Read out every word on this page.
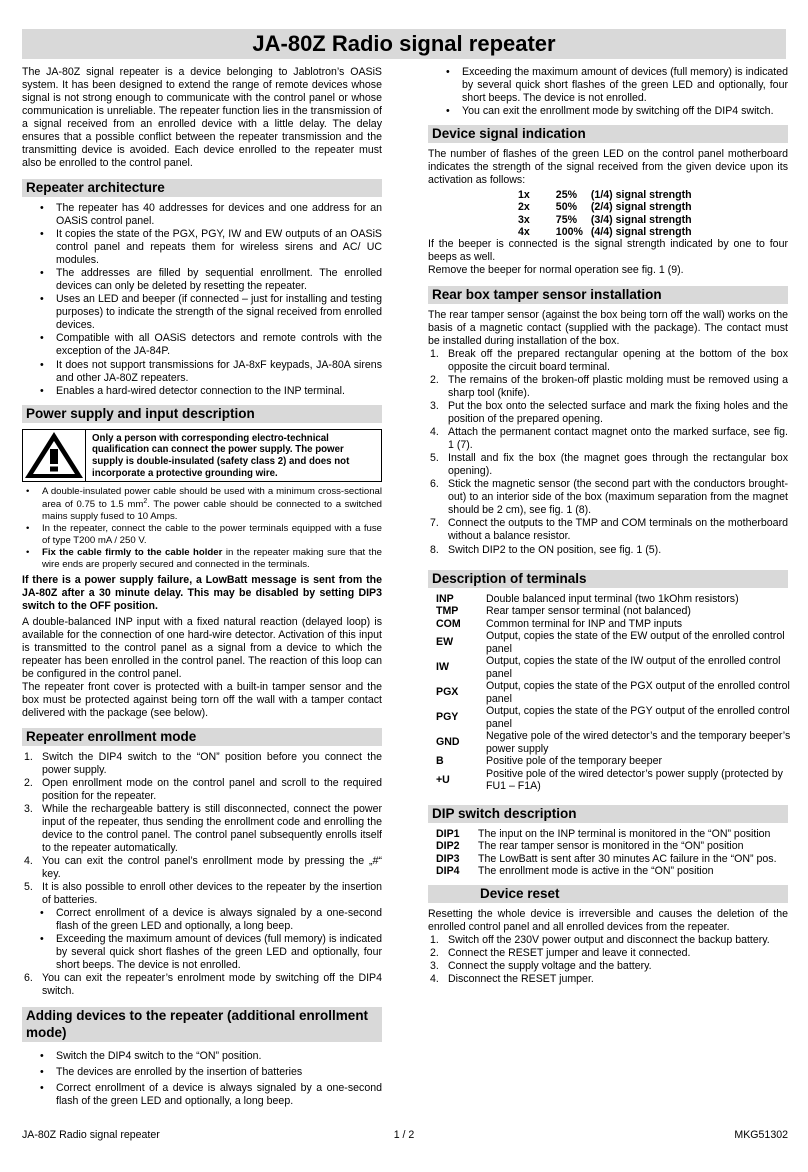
JA-80Z Radio signal repeater

The JA-80Z signal repeater is a device belonging to Jablotron’s OASiS system. It has been designed to extend the range of remote devices whose signal is not strong enough to communicate with the control panel or whose communication is unreliable. The repeater function lies in the transmission of a signal received from an enrolled device with a little delay. The delay ensures that a possible conflict between the repeater transmission and the transmitting device is avoided. Each device enrolled to the repeater must also be enrolled to the control panel.

Repeater architecture
• The repeater has 40 addresses for devices and one address for an OASiS control panel.
• It copies the state of the PGX, PGY, IW and EW outputs of an OASiS control panel and repeats them for wireless sirens and AC/ UC modules.
• The addresses are filled by sequential enrollment. The enrolled devices can only be deleted by resetting the repeater.
• Uses an LED and beeper (if connected – just for installing and testing purposes) to indicate the strength of the signal received from enrolled devices.
• Compatible with all OASiS detectors and remote controls with the exception of the JA-84P.
• It does not support transmissions for JA-8xF keypads, JA-80A sirens and other JA-80Z repeaters.
• Enables a hard-wired detector connection to the INP terminal.
Power supply and input description
Only a person with corresponding electro-technical qualification can connect the power supply. The power supply is double-insulated (safety class 2) and does not incorporate a protective grounding wire.
• A double-insulated power cable should be used with a minimum cross-sectional area of 0.75 to 1.5 $mm^2$. The power cable should be connected to a switched mains supply fused to 10 Amps.
• In the repeater, connect the cable to the power terminals equipped with a fuse of type T200 mA / 250 V.
• Fix the cable firmly to the cable holder in the repeater making sure that the wire ends are properly secured and connected in the terminals.

If there is a power supply failure, a LowBatt message is sent from the JA-80Z after a 30 minute delay. This may be disabled by setting DIP3 switch to the OFF position.

A double-balanced INP input with a fixed natural reaction (delayed loop) is available for the connection of one hard-wire detector. Activation of this input is transmitted to the control panel as a signal from a device to which the repeater has been enrolled in the control panel. The reaction of this loop can be configured in the control panel.

The repeater front cover is protected with a built-in tamper sensor and the box must be protected against being torn off the wall with a tamper contact delivered with the package (see below).

Repeater enrollment mode
1. Switch the DIP4 switch to the “ON” position before you connect the power supply.
2. Open enrollment mode on the control panel and scroll to the required position for the repeater.
3. While the rechargeable battery is still disconnected, connect the power input of the repeater, thus sending the enrollment code and enrolling the device to the control panel. The control panel subsequently enrolls itself to the repeater automatically.
4. You can exit the control panel’s enrollment mode by pressing the „#“ key.
5. It is also possible to enroll other devices to the repeater by the insertion of batteries.
• Correct enrollment of a device is always signaled by a one-second flash of the green LED and optionally, a long beep.
• Exceeding the maximum amount of devices (full memory) is indicated by several quick short flashes of the green LED and optionally, four short beeps. The device is not enrolled.
6. You can exit the repeater’s enrolment mode by switching off the DIP4 switch.
Adding devices to the repeater (additional enrollment mode)
• Switch the DIP4 switch to the “ON” position.
• The devices are enrolled by the insertion of batteries
• Correct enrollment of a device is always signaled by a one-second flash of the green LED and optionally, a long beep.
• Exceeding the maximum amount of devices (full memory) is indicated by several quick short flashes of the green LED and optionally, four short beeps. The device is not enrolled.
• You can exit the enrollment mode by switching off the DIP4 switch.
Device signal indication

The number of flashes of the green LED on the control panel motherboard indicates the strength of the signal received from the given device upon its activation as follows:

1x	25%	(1/4) signal strength
2x	50%	(2/4) signal strength
3x	75%	(3/4) signal strength
4x	100%	(4/4) signal strength

If the beeper is connected is the signal strength indicated by one to four beeps as well.

Remove the beeper for normal operation see fig. 1 (9).

Rear box tamper sensor installation

The rear tamper sensor (against the box being torn off the wall) works on the basis of a magnetic contact (supplied with the package). The contact must be installed during installation of the box.

1. Break off the prepared rectangular opening at the bottom of the box opposite the circuit board terminal.
2. The remains of the broken-off plastic molding must be removed using a sharp tool (knife).
3. Put the box onto the selected surface and mark the fixing holes and the position of the prepared opening.
4. Attach the permanent contact magnet onto the marked surface, see fig. 1 (7).
5. Install and fix the box (the magnet goes through the rectangular box opening).
6. Stick the magnetic sensor (the second part with the conductors brought-out) to an interior side of the box (maximum separation from the magnet should be 2 cm), see fig. 1 (8).
7. Connect the outputs to the TMP and COM terminals on the motherboard without a balance resistor.
8. Switch DIP2 to the ON position, see fig. 1 (5).
Description of terminals
INP	Double balanced input terminal (two 1kOhm resistors)
TMP	Rear tamper sensor terminal (not balanced)
COM	Common terminal for INP and TMP inputs
EW	Output, copies the state of the EW output of the enrolled control panel
IW	Output, copies the state of the IW output of the enrolled control panel
PGX	Output, copies the state of the PGX output of the enrolled control panel
PGY	Output, copies the state of the PGY output of the enrolled control panel
GND	Negative pole of the wired detector’s and the temporary beeper’s power supply
B	Positive pole of the temporary beeper
+U	Positive pole of the wired detector’s power supply (protected by FU1 – F1A)
DIP switch description
DIP1	The input on the INP terminal is monitored in the “ON” position
DIP2	The rear tamper sensor is monitored in the “ON” position
DIP3	The LowBatt is sent after 30 minutes AC failure in the “ON” pos.
DIP4	The enrollment mode is active in the “ON” position
Device reset

Resetting the whole device is irreversible and causes the deletion of the enrolled control panel and all enrolled devices from the repeater.

1. Switch off the 230V power output and disconnect the backup battery.
2. Connect the RESET jumper and leave it connected.
3. Connect the supply voltage and the battery.
4. Disconnect the RESET jumper.
JA-80Z Radio signal repeater	1 / 2	MKG51302
